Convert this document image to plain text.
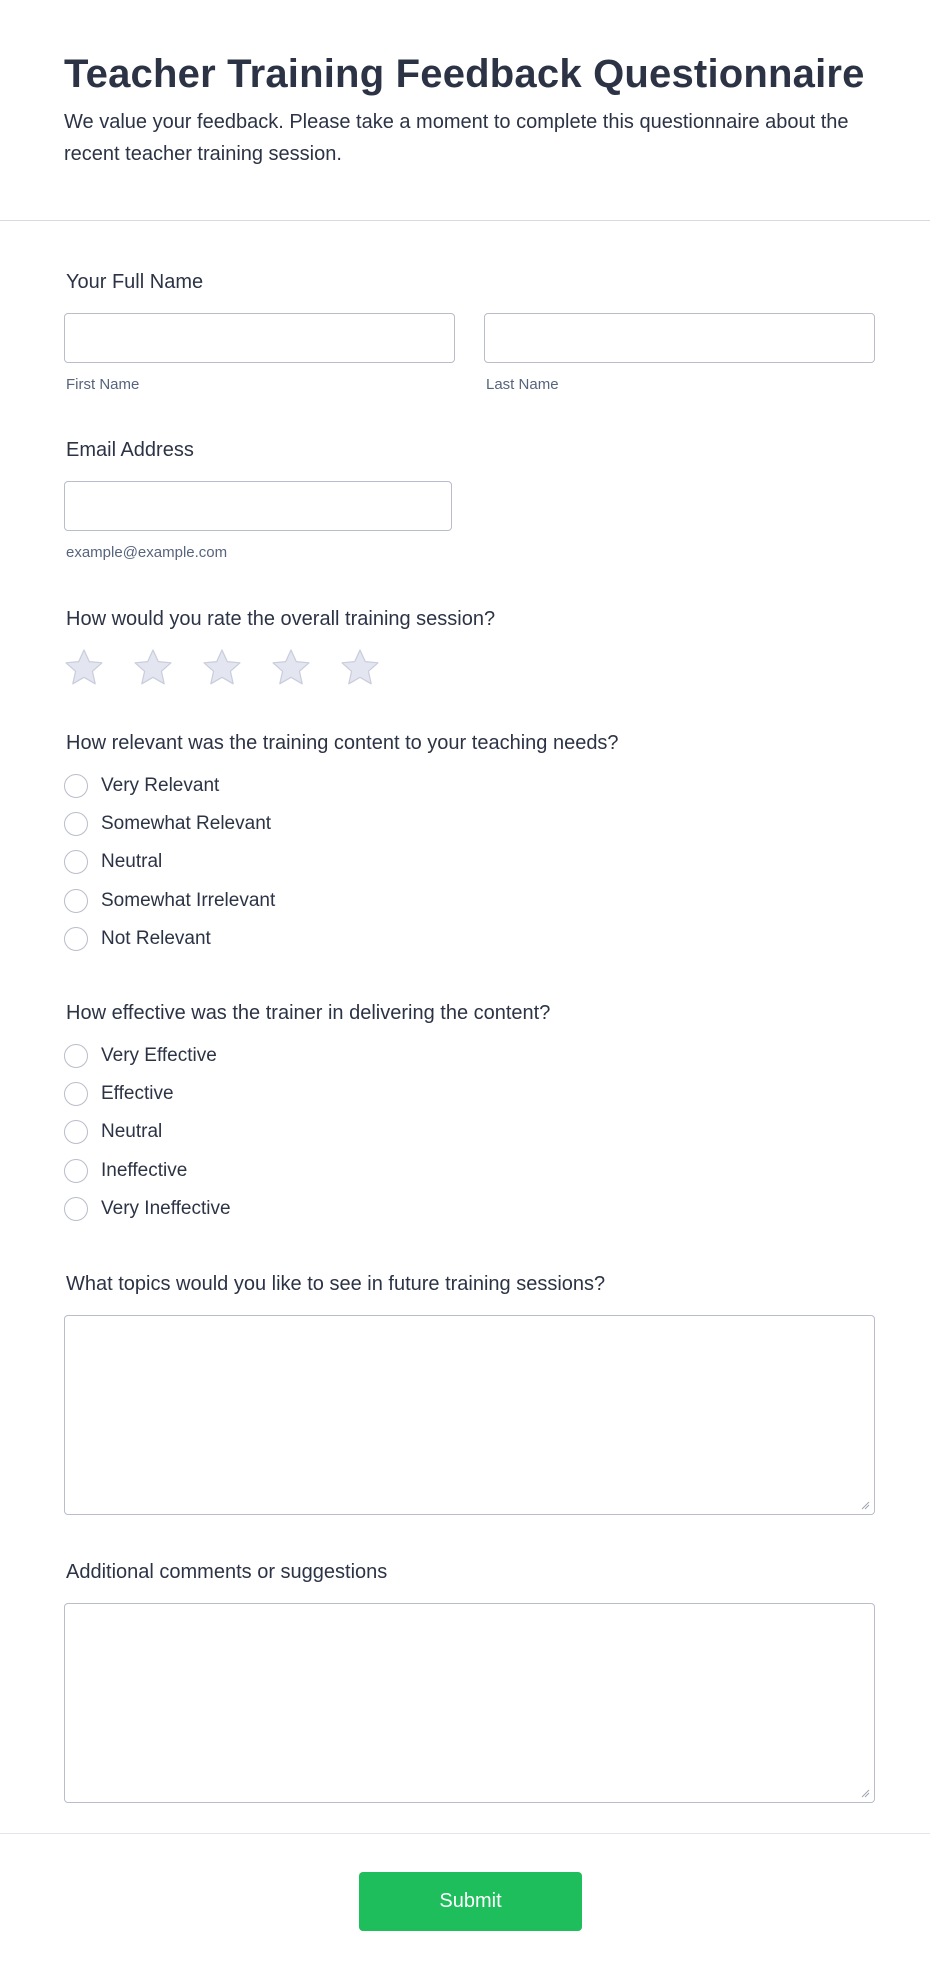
Teacher Training Feedback Questionnaire

We value your feedback. Please take a moment to complete this questionnaire about the recent teacher training session.

Your Full Name
First Name	Last Name
Email Address
example@example.com
How would you rate the overall training session?
How relevant was the training content to your teaching needs?
Very Relevant
Somewhat Relevant
Neutral
Somewhat Irrelevant
Not Relevant
How effective was the trainer in delivering the content?
Very Effective
Effective
Neutral
Ineffective
Very Ineffective
What topics would you like to see in future training sessions?
Additional comments or suggestions
Submit
